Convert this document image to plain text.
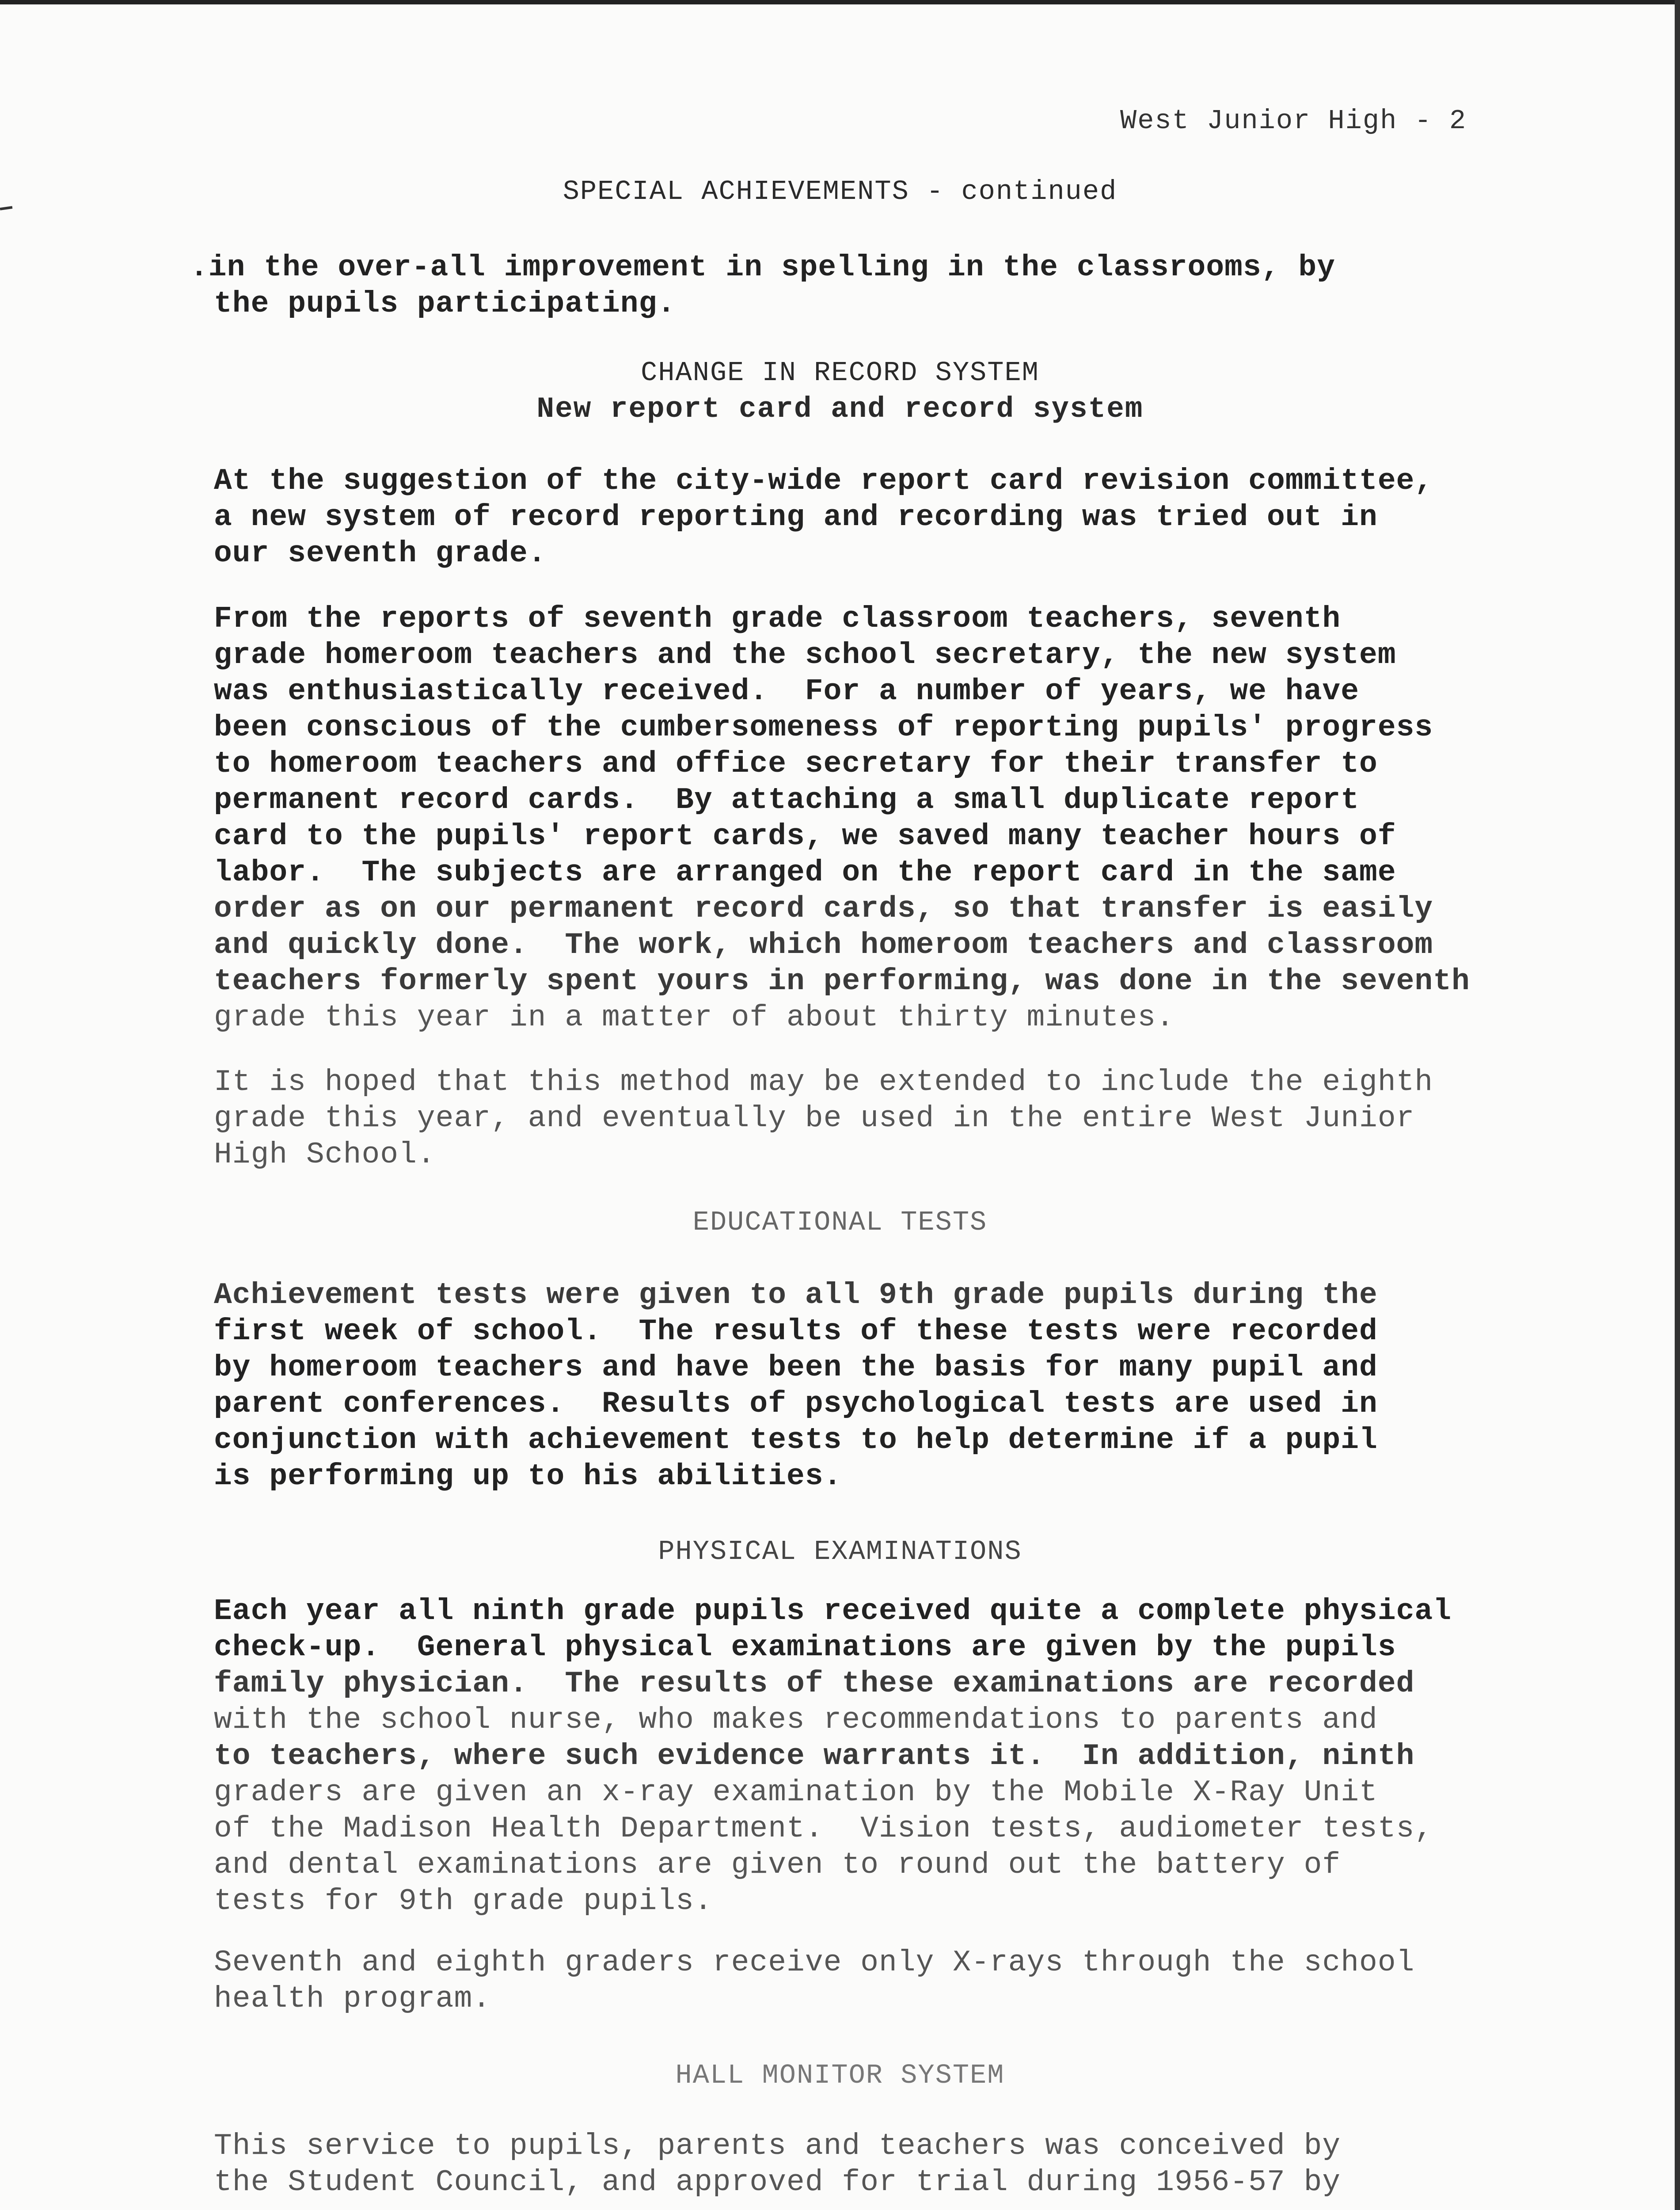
West Junior High - 2
SPECIAL ACHIEVEMENTS - continued
.in the over-all improvement in spelling in the classrooms, by
the pupils participating.
CHANGE IN RECORD SYSTEM
New report card and record system
At the suggestion of the city-wide report card revision committee,
a new system of record reporting and recording was tried out in
our seventh grade.
From the reports of seventh grade classroom teachers, seventh
grade homeroom teachers and the school secretary, the new system
was enthusiastically received.  For a number of years, we have
been conscious of the cumbersomeness of reporting pupils' progress
to homeroom teachers and office secretary for their transfer to
permanent record cards.  By attaching a small duplicate report
card to the pupils' report cards, we saved many teacher hours of
labor.  The subjects are arranged on the report card in the same
order as on our permanent record cards, so that transfer is easily
and quickly done.  The work, which homeroom teachers and classroom
teachers formerly spent yours in performing, was done in the seventh
grade this year in a matter of about thirty minutes.
It is hoped that this method may be extended to include the eighth
grade this year, and eventually be used in the entire West Junior
High School.
EDUCATIONAL TESTS
Achievement tests were given to all 9th grade pupils during the
first week of school.  The results of these tests were recorded
by homeroom teachers and have been the basis for many pupil and
parent conferences.  Results of psychological tests are used in
conjunction with achievement tests to help determine if a pupil
is performing up to his abilities.
PHYSICAL EXAMINATIONS
Each year all ninth grade pupils received quite a complete physical
check-up.  General physical examinations are given by the pupils
family physician.  The results of these examinations are recorded
with the school nurse, who makes recommendations to parents and
to teachers, where such evidence warrants it.  In addition, ninth
graders are given an x-ray examination by the Mobile X-Ray Unit
of the Madison Health Department.  Vision tests, audiometer tests,
and dental examinations are given to round out the battery of
tests for 9th grade pupils.
Seventh and eighth graders receive only X-rays through the school
health program.
HALL MONITOR SYSTEM
This service to pupils, parents and teachers was conceived by
the Student Council, and approved for trial during 1956-57 by
